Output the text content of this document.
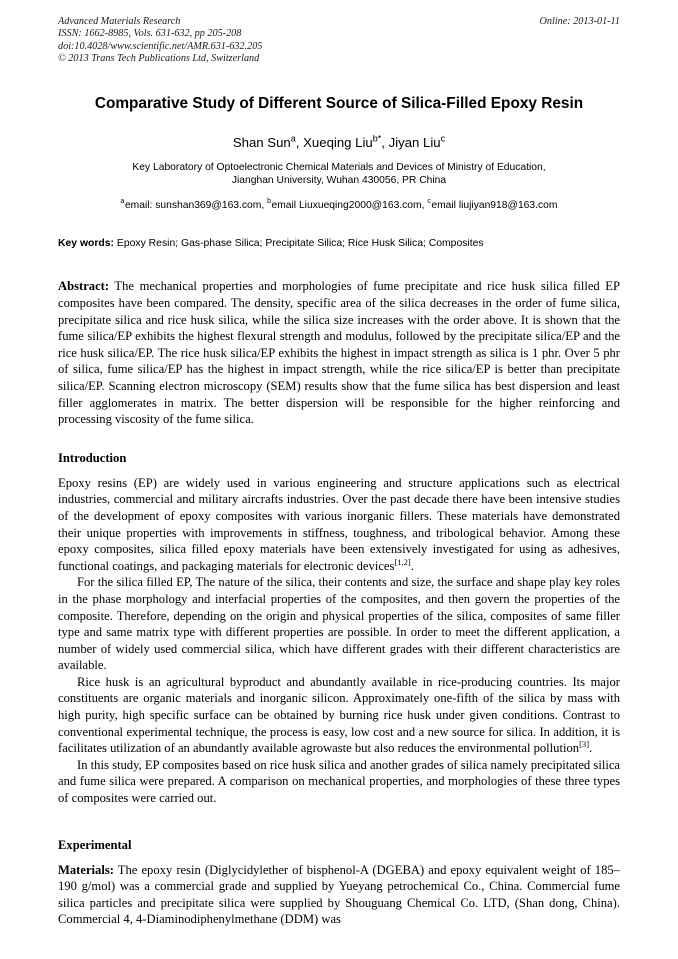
Advanced Materials Research	Online: 2013-01-11
ISSN: 1662-8985, Vols. 631-632, pp 205-208
doi:10.4028/www.scientific.net/AMR.631-632.205
© 2013 Trans Tech Publications Ltd, Switzerland
Comparative Study of Different Source of Silica-Filled Epoxy Resin
Shan Sun$^a$, Xueqing Liu$^{b*}$, Jiyan Liu$^c$
Key Laboratory of Optoelectronic Chemical Materials and Devices of Ministry of Education,
Jianghan University, Wuhan 430056, PR China
$^a$email: sunshan369@163.com, $^b$email Liuxueqing2000@163.com, $^c$email liujiyan918@163.com
Key words: Epoxy Resin; Gas-phase Silica; Precipitate Silica; Rice Husk Silica; Composites
Abstract: The mechanical properties and morphologies of fume precipitate and rice husk silica filled EP composites have been compared. The density, specific area of the silica decreases in the order of fume silica, precipitate silica and rice husk silica, while the silica size increases with the order above. It is shown that the fume silica/EP exhibits the highest flexural strength and modulus, followed by the precipitate silica/EP and the rice husk silica/EP. The rice husk silica/EP exhibits the highest in impact strength as silica is 1 phr. Over 5 phr of silica, fume silica/EP has the highest in impact strength, while the rice silica/EP is better than precipitate silica/EP. Scanning electron microscopy (SEM) results show that the fume silica has best dispersion and least filler agglomerates in matrix. The better dispersion will be responsible for the higher reinforcing and processing viscosity of the fume silica.
Introduction
Epoxy resins (EP) are widely used in various engineering and structure applications such as electrical industries, commercial and military aircrafts industries. Over the past decade there have been intensive studies of the development of epoxy composites with various inorganic fillers. These materials have demonstrated their unique properties with improvements in stiffness, toughness, and tribological behavior. Among these epoxy composites, silica filled epoxy materials have been extensively investigated for using as adhesives, functional coatings, and packaging materials for electronic devices[1,2].
For the silica filled EP, The nature of the silica, their contents and size, the surface and shape play key roles in the phase morphology and interfacial properties of the composites, and then govern the properties of the composite. Therefore, depending on the origin and physical properties of the silica, composites of same filler type and same matrix type with different properties are possible. In order to meet the different application, a number of widely used commercial silica, which have different grades with their different characteristics are available.
Rice husk is an agricultural byproduct and abundantly available in rice-producing countries. Its major constituents are organic materials and inorganic silicon. Approximately one-fifth of the silica by mass with high purity, high specific surface can be obtained by burning rice husk under given conditions. Contrast to conventional experimental technique, the process is easy, low cost and a new source for silica. In addition, it is facilitates utilization of an abundantly available agrowaste but also reduces the environmental pollution[3].
In this study, EP composites based on rice husk silica and another grades of silica namely precipitated silica and fume silica were prepared. A comparison on mechanical properties, and morphologies of these three types of composites were carried out.
Experimental
Materials: The epoxy resin (Diglycidylether of bisphenol-A (DGEBA) and epoxy equivalent weight of 185–190 g/mol) was a commercial grade and supplied by Yueyang petrochemical Co., China. Commercial fume silica particles and precipitate silica were supplied by Shouguang Chemical Co. LTD, (Shan dong, China). Commercial 4, 4-Diaminodiphenylmethane (DDM) was
